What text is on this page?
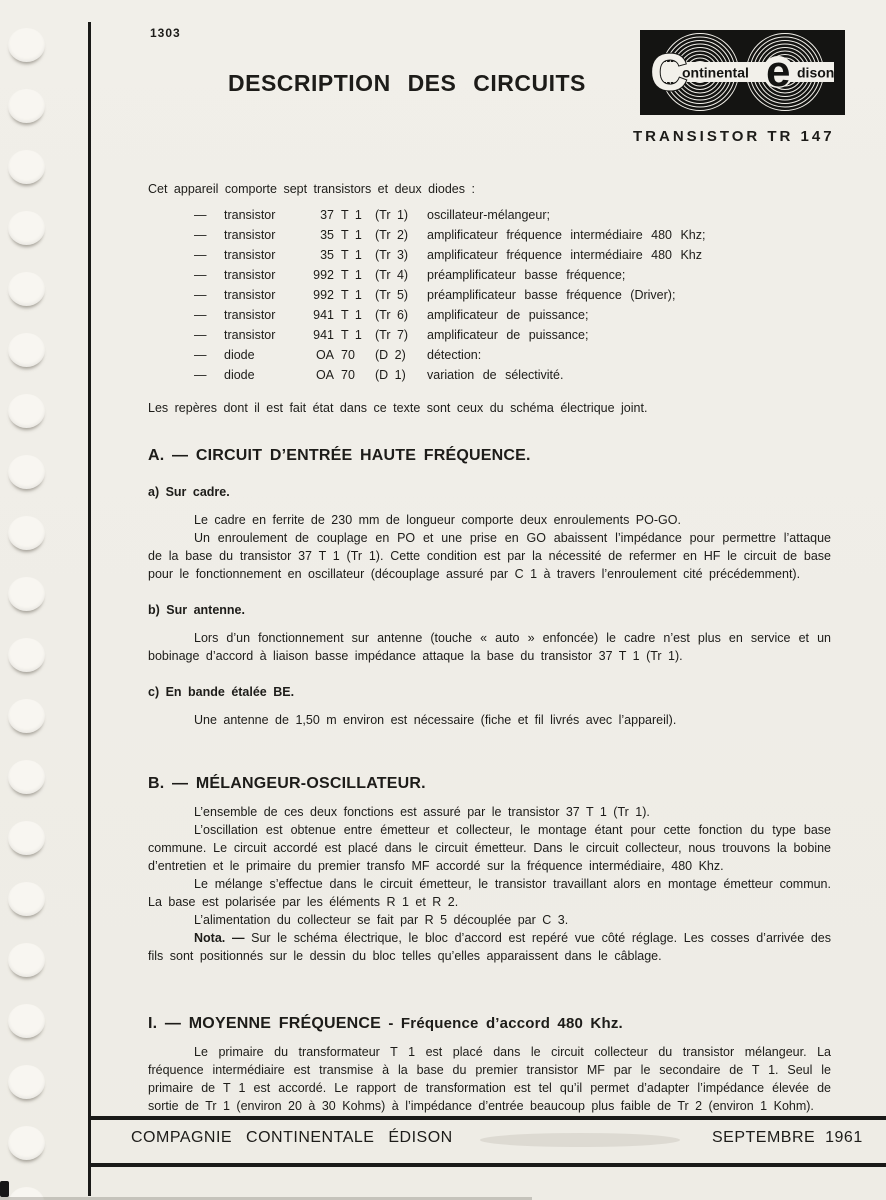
1303
DESCRIPTION DES CIRCUITS C
ontinental e dison
TRANSISTOR TR 147

Cet appareil comporte sept transistors et deux diodes :

—	transistor	37 T 1	(Tr 1)	oscillateur-mélangeur;
—	transistor	35 T 1	(Tr 2)	amplificateur fréquence intermédiaire 480 Khz;
—	transistor	35 T 1	(Tr 3)	amplificateur fréquence intermédiaire 480 Khz
—	transistor	992 T 1	(Tr 4)	préamplificateur basse fréquence;
—	transistor	992 T 1	(Tr 5)	préamplificateur basse fréquence (Driver);
—	transistor	941 T 1	(Tr 6)	amplificateur de puissance;
—	transistor	941 T 1	(Tr 7)	amplificateur de puissance;
—	diode	OA 70	(D 2)	détection:
—	diode	OA 70	(D 1)	variation de sélectivité.

Les repères dont il est fait état dans ce texte sont ceux du schéma électrique joint.

A. — CIRCUIT D’ENTRÉE HAUTE FRÉQUENCE.
a) Sur cadre.

Le cadre en ferrite de 230 mm de longueur comporte deux enroulements PO-GO.

Un enroulement de couplage en PO et une prise en GO abaissent l’impédance pour permettre l’attaque de la base du transistor 37 T 1 (Tr 1). Cette condition est par la nécessité de refermer en HF le circuit de base pour le fonctionnement en oscillateur (découplage assuré par C 1 à travers l’enroulement cité précédemment).

b) Sur antenne.

Lors d’un fonctionnement sur antenne (touche « auto » enfoncée) le cadre n’est plus en service et un bobinage d’accord à liaison basse impédance attaque la base du transistor 37 T 1 (Tr 1).

c) En bande étalée BE.

Une antenne de 1,50 m environ est nécessaire (fiche et fil livrés avec l’appareil).

B. — MÉLANGEUR-OSCILLATEUR.

L’ensemble de ces deux fonctions est assuré par le transistor 37 T 1 (Tr 1).

L’oscillation est obtenue entre émetteur et collecteur, le montage étant pour cette fonction du type base commune. Le circuit accordé est placé dans le circuit émetteur. Dans le circuit collecteur, nous trouvons la bobine d’entretien et le primaire du premier transfo MF accordé sur la fréquence intermédiaire, 480 Khz.

Le mélange s’effectue dans le circuit émetteur, le transistor travaillant alors en montage émetteur commun. La base est polarisée par les éléments R 1 et R 2.

L’alimentation du collecteur se fait par R 5 découplée par C 3.

Nota. — Sur le schéma électrique, le bloc d’accord est repéré vue côté réglage. Les cosses d’arrivée des fils sont positionnés sur le dessin du bloc telles qu’elles apparaissent dans le câblage.

I. — MOYENNE FRÉQUENCE - Fréquence d’accord 480 Khz.

Le primaire du transformateur T 1 est placé dans le circuit collecteur du transistor mélangeur. La fréquence intermédiaire est transmise à la base du premier transistor MF par le secondaire de T 1. Seul le primaire de T 1 est accordé. Le rapport de transformation est tel qu’il permet d’adapter l’impédance élevée de sortie de Tr 1 (environ 20 à 30 Kohms) à l’impédance d’entrée beaucoup plus faible de Tr 2 (environ 1 Kohm).

COMPAGNIE CONTINENTALE ÉDISON	SEPTEMBRE 1961
